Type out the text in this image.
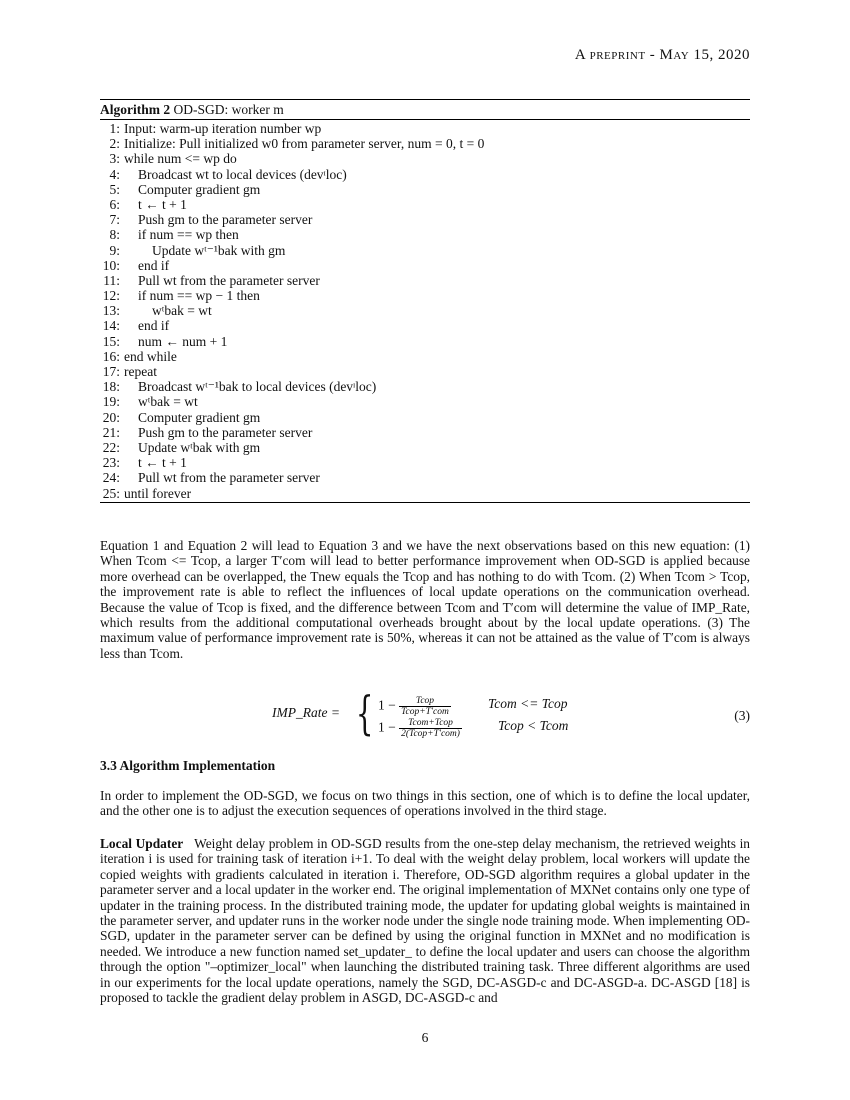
A preprint - May 15, 2020
Algorithm 2 OD-SGD: worker m
1: Input: warm-up iteration number wp
2: Initialize: Pull initialized w0 from parameter server, num = 0, t = 0
3: while num <= wp do
4: Broadcast wt to local devices (devᶦloc)
5: Computer gradient gm
6: t ← t + 1
7: Push gm to the parameter server
8: if num == wp then
9: Update wᵗ⁻¹bak with gm
10: end if
11: Pull wt from the parameter server
12: if num == wp − 1 then
13: wᵗbak = wt
14: end if
15: num ← num + 1
16: end while
17: repeat
18: Broadcast wᵗ⁻¹bak to local devices (devᶦloc)
19: wᵗbak = wt
20: Computer gradient gm
21: Push gm to the parameter server
22: Update wᵗbak with gm
23: t ← t + 1
24: Pull wt from the parameter server
25: until forever
Equation 1 and Equation 2 will lead to Equation 3 and we have the next observations based on this new equation: (1) When Tcom <= Tcop, a larger T′com will lead to better performance improvement when OD-SGD is applied because more overhead can be overlapped, the Tnew equals the Tcop and has nothing to do with Tcom. (2) When Tcom > Tcop, the improvement rate is able to reflect the influences of local update operations on the communication overhead. Because the value of Tcop is fixed, and the difference between Tcom and T′com will determine the value of IMP_Rate, which results from the additional computational overheads brought about by the local update operations. (3) The maximum value of performance improvement rate is 50%, whereas it can not be attained as the value of T′com is always less than Tcom.
IMP_Rate = { $1 - \frac{\text{Tcop}}{\text{Tcop+T′com}}$	Tcom <= Tcop
$1 - \frac{\text{Tcom+Tcop}}{\text{2(Tcop+T′com)}}$	Tcop < Tcom
(3)
3.3 Algorithm Implementation
In order to implement the OD-SGD, we focus on two things in this section, one of which is to define the local updater, and the other one is to adjust the execution sequences of operations involved in the third stage.
Local Updater Weight delay problem in OD-SGD results from the one-step delay mechanism, the retrieved weights in iteration i is used for training task of iteration i+1. To deal with the weight delay problem, local workers will update the copied weights with gradients calculated in iteration i. Therefore, OD-SGD algorithm requires a global updater in the parameter server and a local updater in the worker end. The original implementation of MXNet contains only one type of updater in the training process. In the distributed training mode, the updater for updating global weights is maintained in the parameter server, and updater runs in the worker node under the single node training mode. When implementing OD-SGD, updater in the parameter server can be defined by using the original function in MXNet and no modification is needed. We introduce a new function named set_updater_ to define the local updater and users can choose the algorithm through the option "–optimizer_local" when launching the distributed training task. Three different algorithms are used in our experiments for the local update operations, namely the SGD, DC-ASGD-c and DC-ASGD-a. DC-ASGD [18] is proposed to tackle the gradient delay problem in ASGD, DC-ASGD-c and
6
